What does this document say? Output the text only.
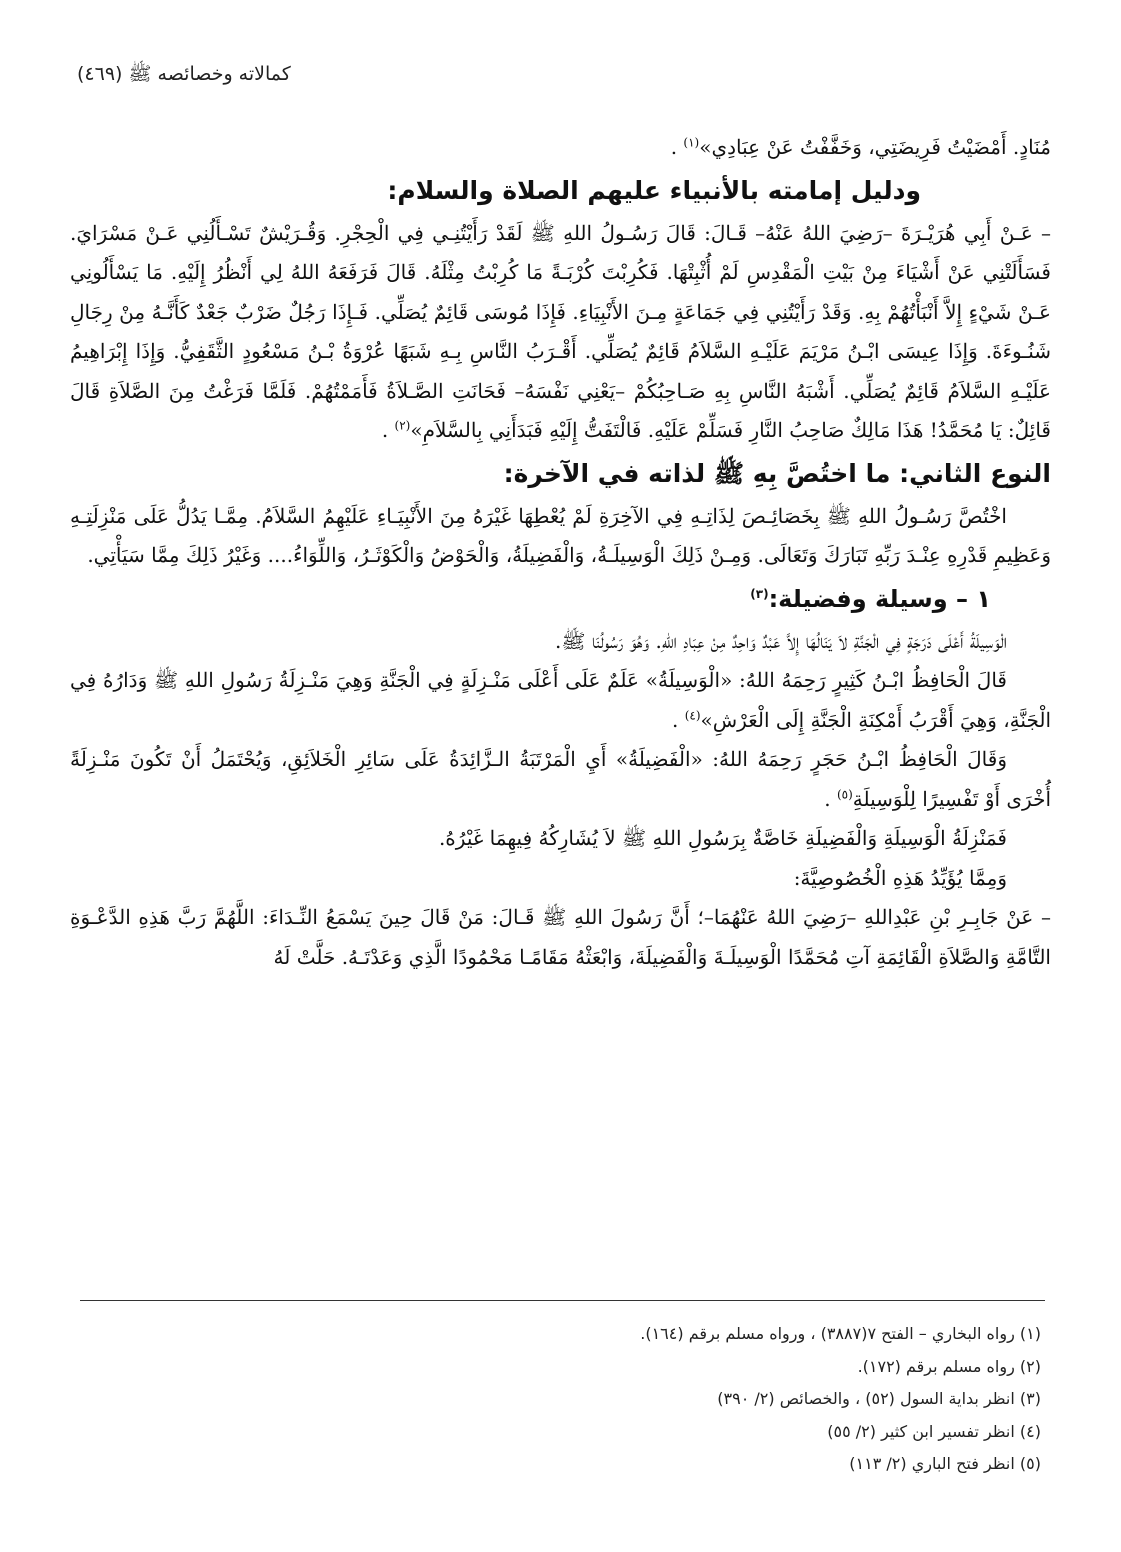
كمالاته وخصائصه ﷺ (٤٦٩)

مُنَادٍ. أَمْضَيْتُ فَرِيضَتِي، وَخَفَّفْتُ عَنْ عِبَادِي»$^{(١)}$ .

ودليل إمامته بالأنبياء عليهم الصلاة والسلام:

– عَـنْ أَبِي هُرَيْـرَةَ –رَضِيَ اللهُ عَنْهُ– قَـالَ: قَالَ رَسُـولُ اللهِ ﷺ لَقَدْ رَأَيْتُنِـي فِي الْحِجْرِ. وَقُـرَيْشٌ تَسْـأَلُنِي عَـنْ مَسْرَايَ. فَسَأَلَتْنِي عَنْ أَشْيَاءَ مِنْ بَيْتِ الْمَقْدِسِ لَمْ أُثْبِتْهَا. فَكُرِبْتَ كُرْبَـةً مَا كُرِبْتُ مِثْلَهُ. قَالَ فَرَفَعَهُ اللهُ لِي أَنْظُرُ إِلَيْهِ. مَا يَسْأَلُونِي عَـنْ شَيْءٍ إِلاَّ أَنْبَأْتُهُمْ بِهِ. وَقَدْ رَأَيْتُنِي فِي جَمَاعَةٍ مِـنَ الأَنْبِيَاءِ. فَإِذَا مُوسَى قَائِمٌ يُصَلِّي. فَـإِذَا رَجُلٌ ضَرْبٌ جَعْدٌ كَأَنَّـهُ مِنْ رِجَالِ شَنُـوءَةَ. وَإِذَا عِيسَى ابْـنُ مَرْيَمَ عَلَيْـهِ السَّلاَمُ قَائِمٌ يُصَلِّي. أَقْـرَبُ النَّاسِ بِـهِ شَبَهًا عُرْوَةُ بْـنُ مَسْعُودٍ الثَّقَفِيُّ. وَإِذَا إِبْرَاهِيمُ عَلَيْـهِ السَّلاَمُ قَائِمٌ يُصَلِّي. أَشْبَهُ النَّاسِ بِهِ صَـاحِبُكُمْ –يَعْنِي نَفْسَهُ– فَحَانَتِ الصَّـلاَةُ فَأَمَمْتُهُمْ. فَلَمَّا فَرَغْتُ مِنَ الصَّلاَةِ قَالَ قَائِلٌ: يَا مُحَمَّدُ! هَذَا مَالِكٌ صَاحِبُ النَّارِ فَسَلِّمْ عَلَيْهِ. فَالْتَفَتُّ إِلَيْهِ فَبَدَأَنِي بِالسَّلاَمِ»$^{(٢)}$ .

النوع الثاني: ما اختُصَّ بِهِ ﷺ لذاته في الآخرة:

اخْتُصَّ رَسُـولُ اللهِ ﷺ بِخَصَائِـصَ لِذَاتِـهِ فِي الآخِرَةِ لَمْ يُعْطِهَا غَيْرَهُ مِنَ الأَنْبِيَـاءِ عَلَيْهِمُ السَّلاَمُ. مِمَّـا يَدُلُّ عَلَى مَنْزِلَتِـهِ وَعَظِيمِ قَدْرِهِ عِنْـدَ رَبِّهِ تَبَارَكَ وَتَعَالَى. وَمِـنْ ذَلِكَ الْوَسِيلَـةُ، وَالْفَضِيلَةُ، وَالْحَوْضُ وَالْكَوْثَـرُ، وَاللِّوَاءُ.... وَغَيْرُ ذَلِكَ مِمَّا سَيَأْتِي.

١ – وسيلة وفضيلة:$^{(٣)}$

الْوَسِيلَةُ أَعْلَى دَرَجَةٍ فِي الْجَنَّةِ لاَ يَنَالُهَا إِلاَّ عَبْدٌ وَاحِدٌ مِنْ عِبَادِ اللهِ. وَهُوَ رَسُولُنَا ﷺ.

قَالَ الْحَافِظُ ابْـنُ كَثِيرٍ رَحِمَهُ اللهُ: «الْوَسِيلَةُ» عَلَمٌ عَلَى أَعْلَى مَنْـزِلَةٍ فِي الْجَنَّةِ وَهِيَ مَنْـزِلَةُ رَسُولِ اللهِ ﷺ وَدَارُهُ فِي الْجَنَّةِ، وَهِيَ أَقْرَبُ أَمْكِنَةِ الْجَنَّةِ إِلَى الْعَرْشِ»$^{(٤)}$ .

وَقَالَ الْحَافِظُ ابْـنُ حَجَرٍ رَحِمَهُ اللهُ: «الْفَضِيلَةُ» أَيِ الْمَرْتَبَةُ الـزَّائِدَةُ عَلَى سَائِرِ الْخَلاَئِقِ، وَيُحْتَمَلُ أَنْ تَكُونَ مَنْـزِلَةً أُخْرَى أَوْ تَفْسِيرًا لِلْوَسِيلَةِ$^{(٥)}$ .

فَمَنْزِلَةُ الْوَسِيلَةِ وَالْفَضِيلَةِ خَاصَّةٌ بِرَسُولِ اللهِ ﷺ لاَ يُشَارِكُهُ فِيهِمَا غَيْرُهُ.

وَمِمَّا يُؤَيِّدُ هَذِهِ الْخُصُوصِيَّةَ:

– عَنْ جَابِـرِ بْنِ عَبْدِاللهِ –رَضِيَ اللهُ عَنْهُمَا–؛ أَنَّ رَسُولَ اللهِ ﷺ قَـالَ: مَنْ قَالَ حِينَ يَسْمَعُ النِّـدَاءَ: اللَّهُمَّ رَبَّ هَذِهِ الدَّعْـوَةِ التَّامَّةِ وَالصَّلاَةِ الْقَائِمَةِ آتِ مُحَمَّدًا الْوَسِيلَـةَ وَالْفَضِيلَةَ، وَابْعَثْهُ مَقَامًـا مَحْمُودًا الَّذِي وَعَدْتَـهُ. حَلَّتْ لَهُ

(١) رواه البخاري – الفتح ٧(٣٨٨٧) ، ورواه مسلم برقم (١٦٤).
(٢) رواه مسلم برقم (١٧٢).
(٣) انظر بداية السول (٥٢) ، والخصائص (٢/ ٣٩٠)
(٤) انظر تفسير ابن كثير (٢/ ٥٥)
(٥) انظر فتح الباري (٢/ ١١٣)
